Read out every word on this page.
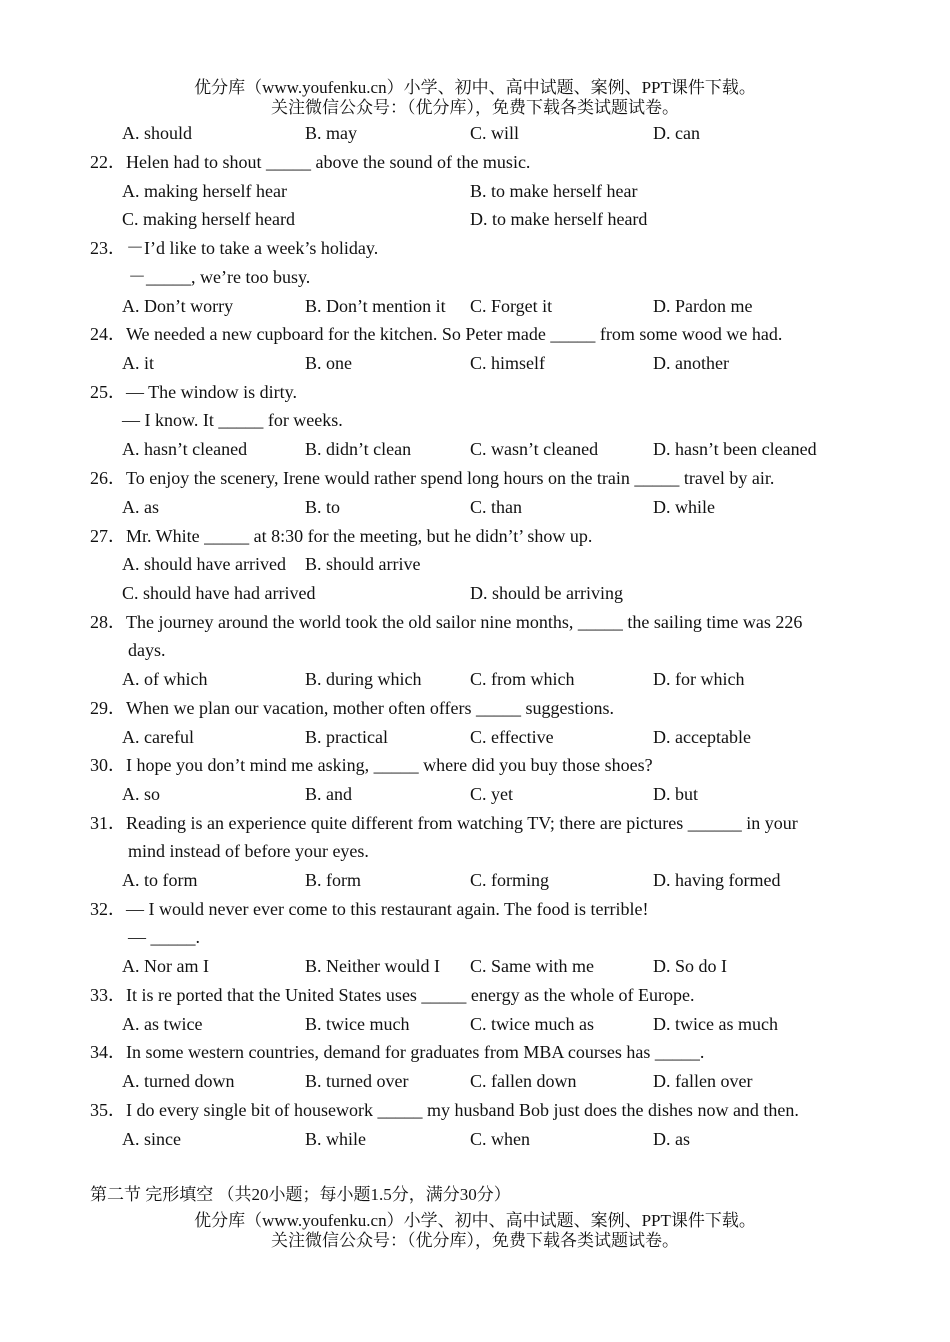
优分库（www.youfenku.cn）小学、初中、高中试题、案例、PPT课件下载。
关注微信公众号：（优分库），免费下载各类试题试卷。
A. should	B. may	C. will	D. can
22．Helen had to shout _____ above the sound of the music.
A. making herself hear	B. to make herself hear
C. making herself heard	D. to make herself heard
23．－I’d like to take a week’s holiday.
－_____, we’re too busy.
A. Don’t worry	B. Don’t mention it C. Forget it	D. Pardon me
24．We needed a new cupboard for the kitchen. So Peter made _____ from some wood we had.
A. it	B. one	C. himself	D. another
25．— The window is dirty.
— I know. It _____ for weeks.
A. hasn’t cleaned	B. didn’t clean	C. wasn’t cleaned	D. hasn’t been cleaned
26．To enjoy the scenery, Irene would rather spend long hours on the train _____ travel by air.
A. as	B. to	C. than	D. while
27．Mr. White _____ at 8:30 for the meeting, but he didn’t’ show up.
A. should have arrived B. should arrive
C. should have had arrived	D. should be arriving
28．The journey around the world took the old sailor nine months, _____ the sailing time was 226
days.
A. of which	B. during which	C. from which	D. for which
29．When we plan our vacation, mother often offers _____ suggestions.
A. careful	B. practical	C. effective	D. acceptable
30．I hope you don’t mind me asking, _____ where did you buy those shoes?
A. so	B. and	C. yet	D. but
31．Reading is an experience quite different from watching TV; there are pictures ______ in your
mind instead of before your eyes.
A. to form	B. form	C. forming	D. having formed
32．— I would never ever come to this restaurant again. The food is terrible!
— _____.
A. Nor am I	B. Neither would I C. Same with me	D. So do I
33．It is re ported that the United States uses _____ energy as the whole of Europe.
A. as twice	B. twice much	C. twice much as	D. twice as much
34．In some western countries, demand for graduates from MBA courses has _____.
A. turned down	B. turned over	C. fallen down	D. fallen over
35．I do every single bit of housework _____ my husband Bob just does the dishes now and then.
A. since	B. while	C. when	D. as
第二节 完形填空 （共20小题；每小题1.5分，满分30分）
优分库（www.youfenku.cn）小学、初中、高中试题、案例、PPT课件下载。
关注微信公众号：（优分库），免费下载各类试题试卷。
